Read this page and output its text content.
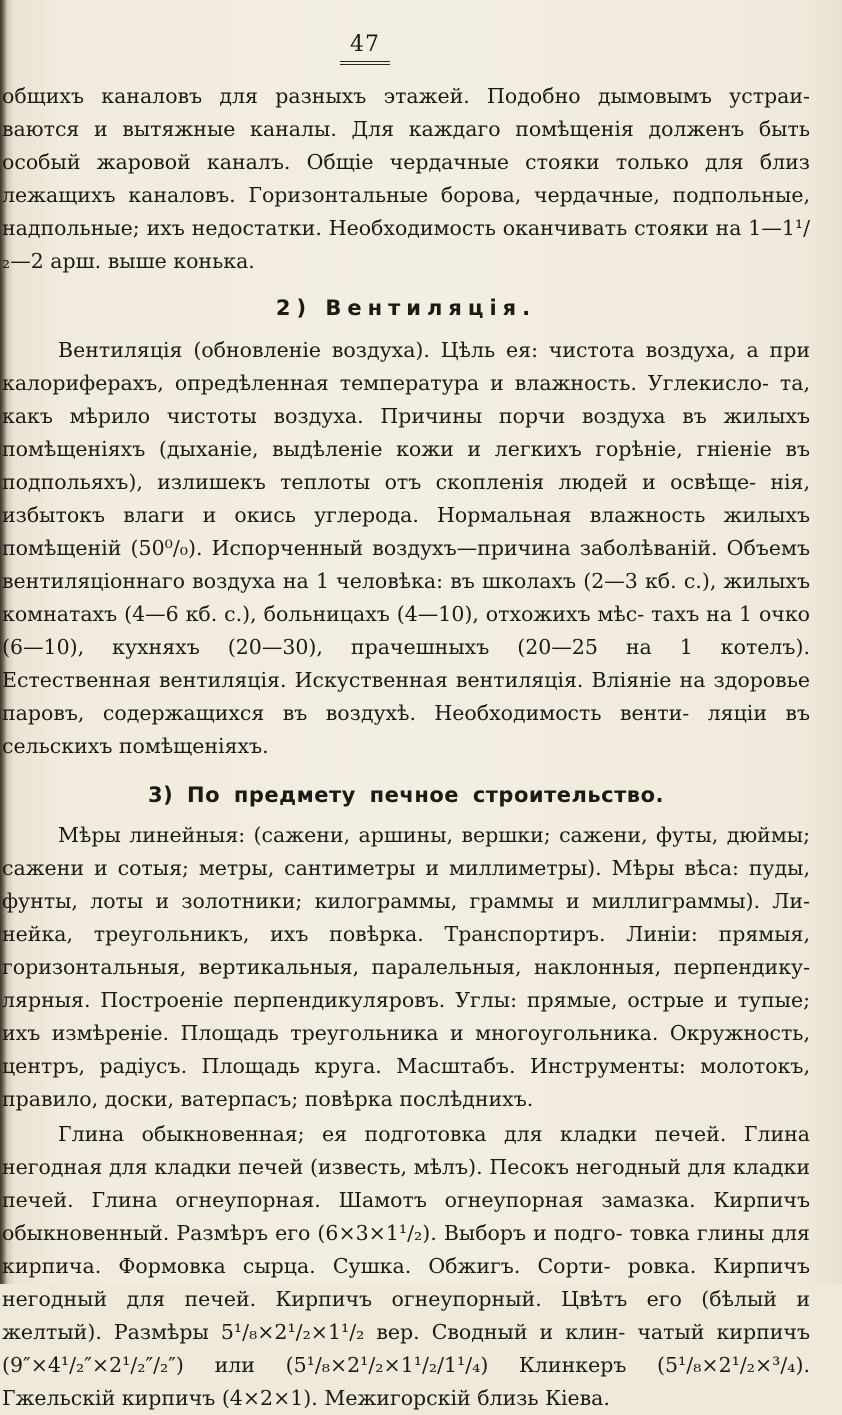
47

общихъ каналовъ для разныхъ этажей. Подобно дымовымъ устраи- ваются и вытяжные каналы. Для каждаго помѣщенія долженъ быть особый жаровой каналъ. Общіе чердачные стояки только для близ лежащихъ каналовъ. Горизонтальные борова, чердачные, подпольные, надпольные; ихъ недостатки. Необходимость оканчивать стояки на 1—1¹/₂—2 арш. выше конька.

2) Вентиляція.

Вентиляція (обновленіе воздуха). Цѣль ея: чистота воздуха, а при калориферахъ, опредѣленная температура и влажность. Углекисло- та, какъ мѣрило чистоты воздуха. Причины порчи воздуха въ жилыхъ помѣщеніяхъ (дыханіе, выдѣленіе кожи и легкихъ горѣніе, гніеніе въ подпольяхъ), излишекъ теплоты отъ скопленія людей и освѣще- нія, избытокъ влаги и окись углерода. Нормальная влажность жилыхъ помѣщеній (50⁰/₀). Испорченный воздухъ—причина заболѣваній. Объемъ вентиляціоннаго воздуха на 1 человѣка: въ школахъ (2—3 кб. с.), жилыхъ комнатахъ (4—6 кб. с.), больницахъ (4—10), отхожихъ мѣс- тахъ на 1 очко (6—10), кухняхъ (20—30), прачешныхъ (20—25 на 1 котелъ). Естественная вентиляція. Искуственная вентиляція. Вліяніе на здоровье паровъ, содержащихся въ воздухѣ. Необходимость венти- ляціи въ сельскихъ помѣщеніяхъ.

3) По предмету печное строительство.

Мѣры линейныя: (сажени, аршины, вершки; сажени, футы, дюймы; сажени и сотыя; метры, сантиметры и миллиметры). Мѣры вѣса: пуды, фунты, лоты и золотники; килограммы, граммы и миллиграммы). Ли- нейка, треугольникъ, ихъ повѣрка. Транспортиръ. Линіи: прямыя, горизонтальныя, вертикальныя, паралельныя, наклонныя, перпендику- лярныя. Построеніе перпендикуляровъ. Углы: прямые, острые и тупые; ихъ измѣреніе. Площадь треугольника и многоугольника. Окружность, центръ, радіусъ. Площадь круга. Масштабъ. Инструменты: молотокъ, правило, доски, ватерпасъ; повѣрка послѣднихъ.

Глина обыкновенная; ея подготовка для кладки печей. Глина негодная для кладки печей (известь, мѣлъ). Песокъ негодный для кладки печей. Глина огнеупорная. Шамотъ огнеупорная замазка. Кирпичъ обыкновенный. Размѣръ его (6×3×1¹/₂). Выборъ и подго- товка глины для кирпича. Формовка сырца. Сушка. Обжигъ. Сорти- ровка. Кирпичъ негодный для печей. Кирпичъ огнеупорный. Цвѣтъ его (бѣлый и желтый). Размѣры 5¹/₈×2¹/₂×1¹/₂ вер. Сводный и клин- чатый кирпичъ (9″×4¹/₂″×2¹/₂″/₂″) или (5¹/₈×2¹/₂×1¹/₂/1¹/₄) Клинкеръ (5¹/₈×2¹/₂×³/₄). Гжельскій кирпичъ (4×2×1). Межигорскій близь Кіева.
